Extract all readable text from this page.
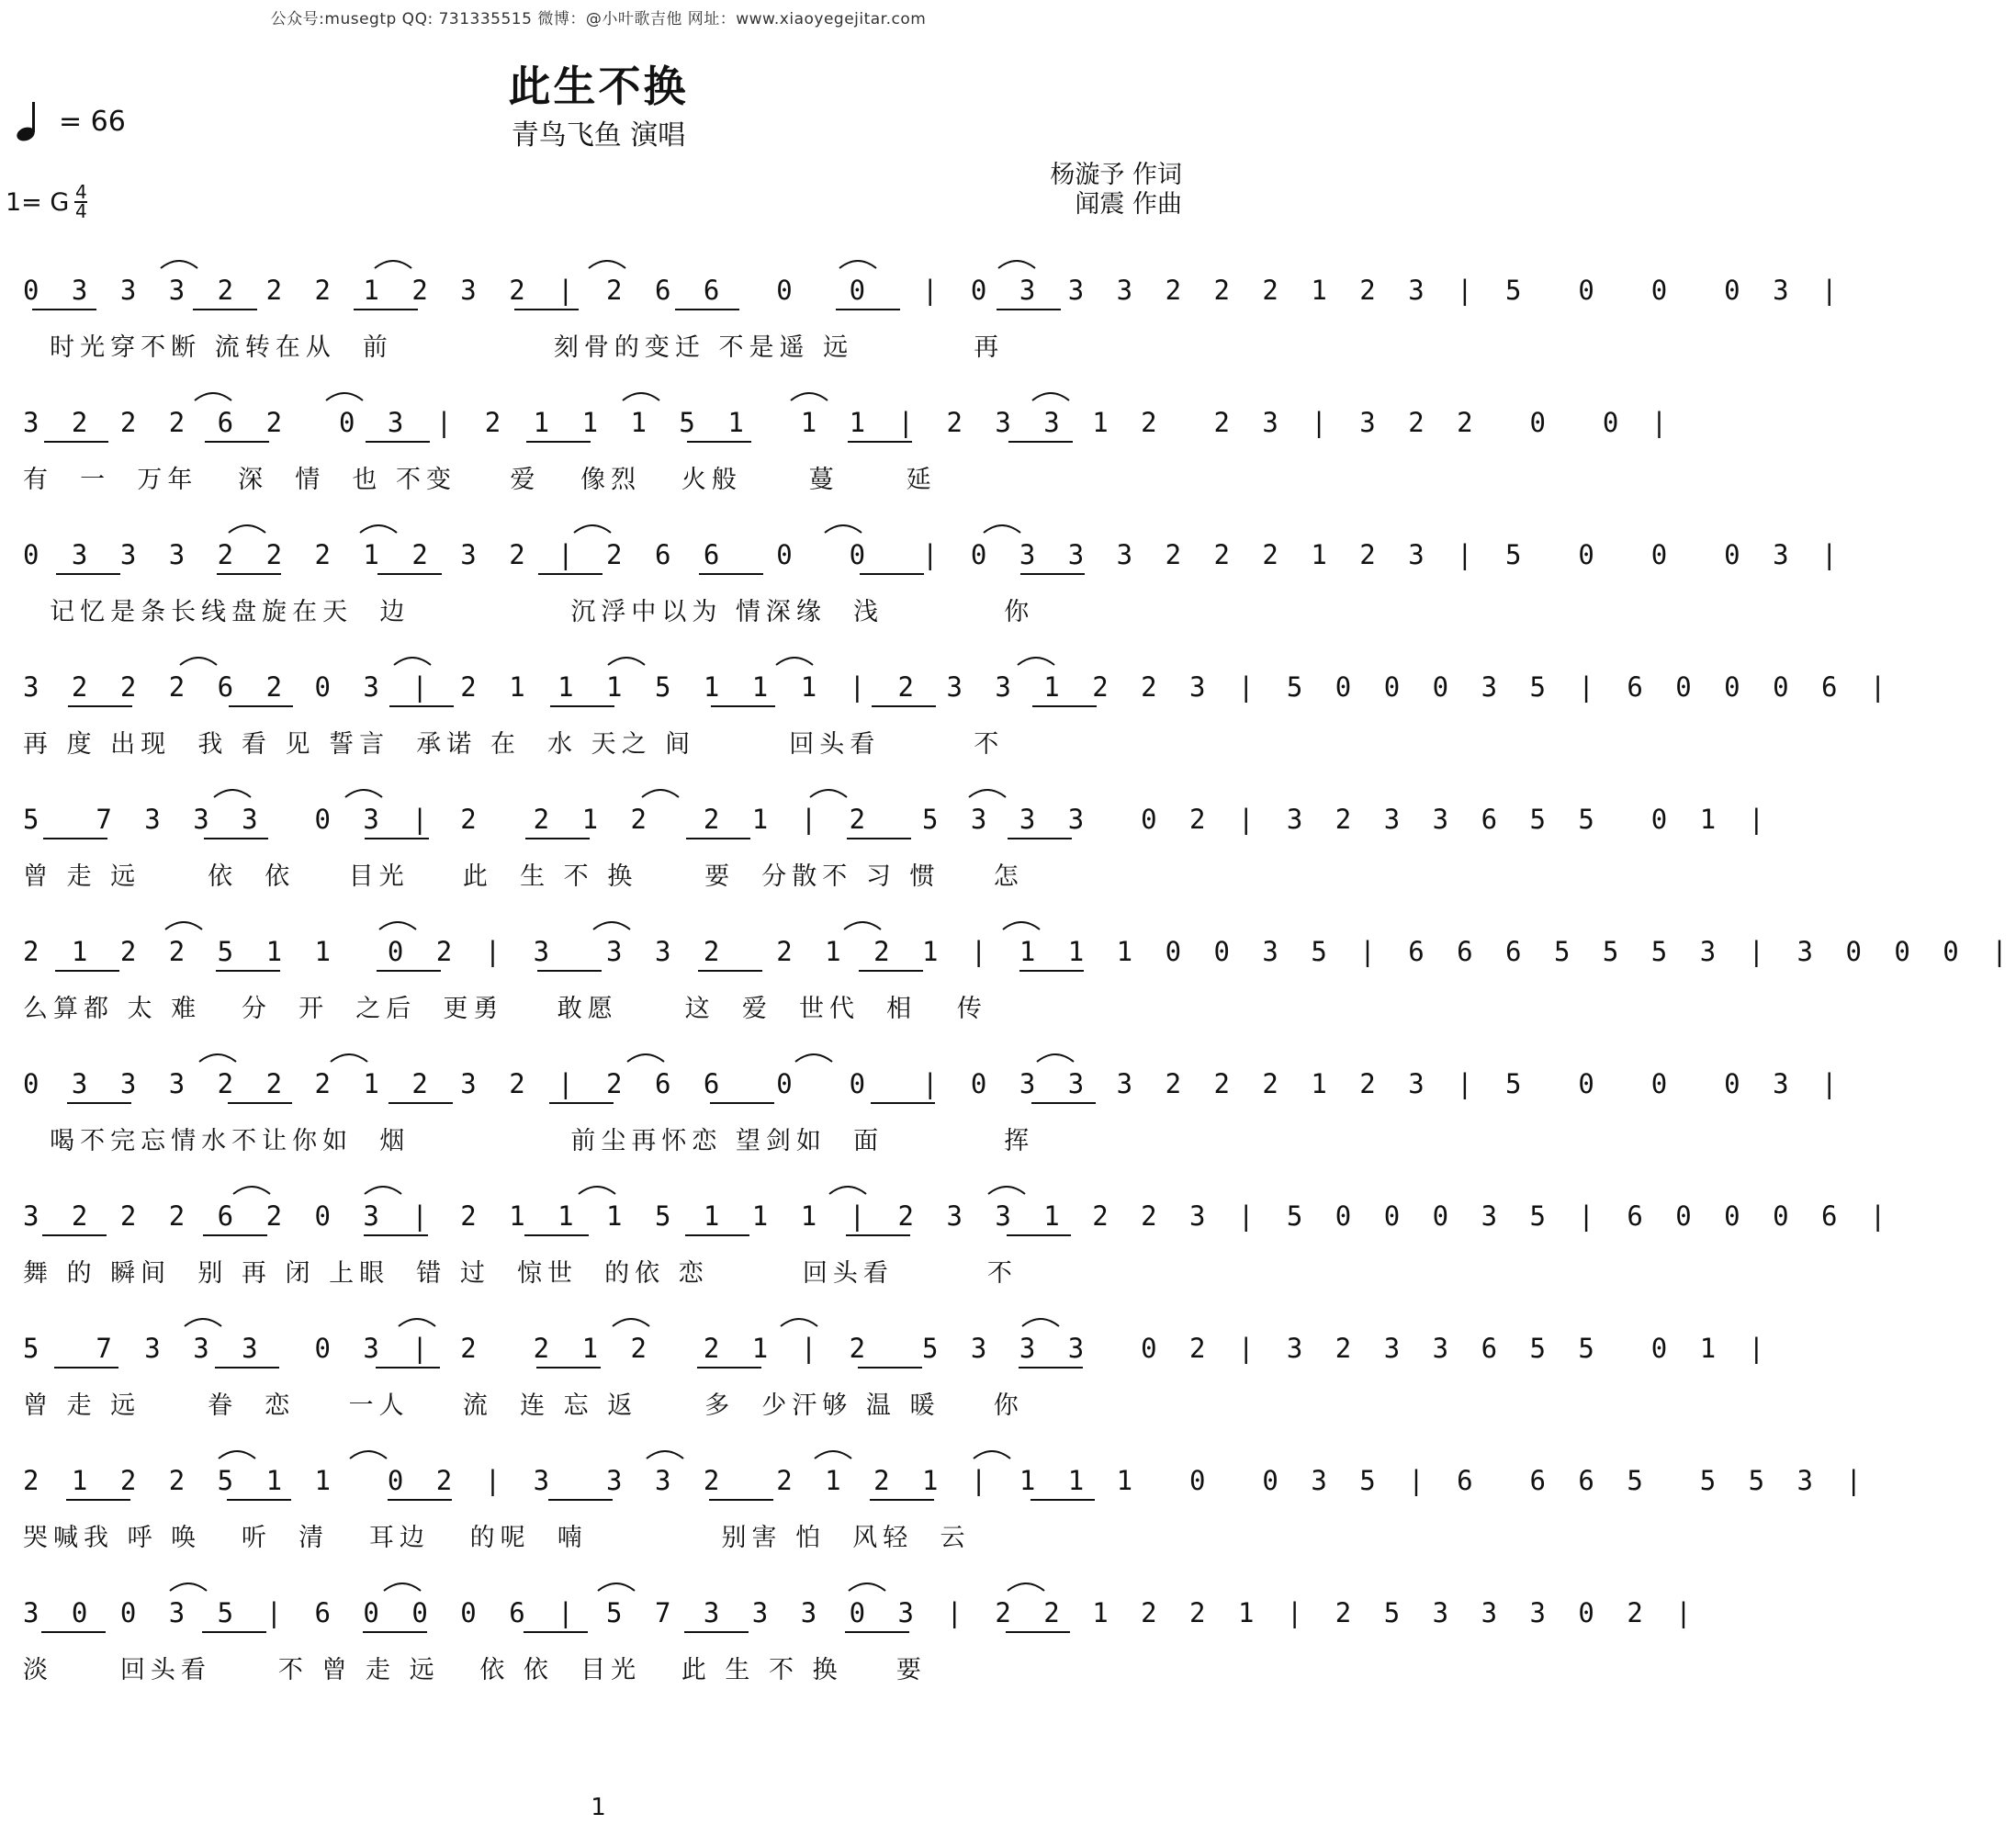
公众号:musegtp QQ: 731335515 微博：@小叶歌吉他 网址：www.xiaoyegejitar.com
此生不换
青鸟飞鱼 演唱
= 66
1= G $\frac{4}{4}$
杨漩予 作词
闻震 作曲
0 3 3 3 2 2 2 1 2 3 2 | 2 6 6  0  0  | 0 3 3 3 2 2 2 1 2 3 | 5  0  0  0 3 |
时光穿不断 流转在从  前            刻骨的变迁 不是遥 远         再
3 2 2 2 6 2  0 3 | 2 1 1 1 5 1  1 1 | 2 3 3 1 2  2 3 | 3 2 2  0  0 |
有  一  万年   深  情  也 不变    爱   像烈   火般     蔓     延
0 3 3 3 2 2 2 1 2 3 2 | 2 6 6  0  0  | 0 3 3 3 2 2 2 1 2 3 | 5  0  0  0 3 |
记忆是条长线盘旋在天  边            沉浮中以为 情深缘  浅         你
3 2 2 2 6 2 0 3 | 2 1 1 1 5 1 1 1 | 2 3 3 1 2 2 3 | 5 0 0 0 3 5 | 6 0 0 0 6 |
再 度 出现  我 看 见 誓言  承诺 在  水 天之 间       回头看       不
5  7 3 3 3  0 3 | 2  2 1 2  2 1 | 2  5 3 3 3  0 2 | 3 2 3 3 6 5 5  0 1 |
曾 走 远     依  依    目光    此  生 不 换     要  分散不 习 惯    怎
2 1 2 2 5 1 1  0 2 | 3  3 3 2  2 1 2 1 | 1 1 1 0 0 3 5 | 6 6 6 5 5 5 3 | 3 0 0 0 |
么算都 太 难   分  开  之后  更勇    敢愿     这  爱  世代  相   传
0 3 3 3 2 2 2 1 2 3 2 | 2 6 6  0  0  | 0 3 3 3 2 2 2 1 2 3 | 5  0  0  0 3 |
喝不完忘情水不让你如  烟            前尘再怀恋 望剑如  面         挥
3 2 2 2 6 2 0 3 | 2 1 1 1 5 1 1 1 | 2 3 3 1 2 2 3 | 5 0 0 0 3 5 | 6 0 0 0 6 |
舞 的 瞬间  别 再 闭 上眼  错 过  惊世  的依 恋       回头看       不
5  7 3 3 3  0 3 | 2  2 1 2  2 1 | 2  5 3 3 3  0 2 | 3 2 3 3 6 5 5  0 1 |
曾 走 远     眷  恋    一人    流  连 忘 返     多  少汗够 温 暖    你
2 1 2 2 5 1 1  0 2 | 3  3 3 2  2 1 2 1 | 1 1 1  0  0 3 5 | 6  6 6 5  5 5 3 |
哭喊我 呼 唤   听  清   耳边   的呢  喃          别害 怕  风轻  云
3 0 0 3 5 | 6 0 0 0 6 | 5 7 3 3 3 0 3 | 2 2 1 2 2 1 | 2 5 3 3 3 0 2 |
淡     回头看     不 曾 走 远   依 依  目光   此 生 不 换    要
1
